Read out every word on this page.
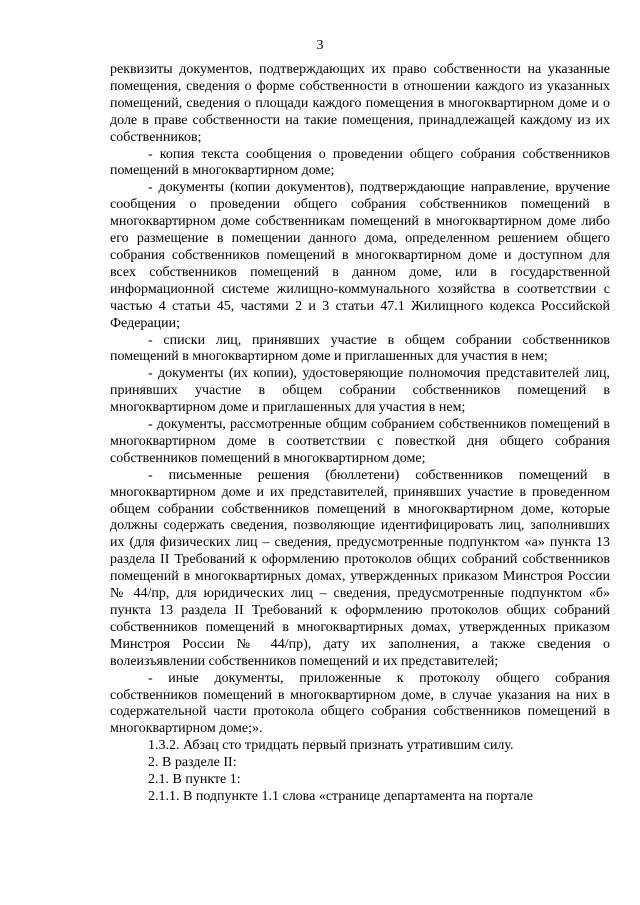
3

реквизиты документов, подтверждающих их право собственности на указанные помещения, сведения о форме собственности в отношении каждого из указанных помещений, сведения о площади каждого помещения в многоквартирном доме и о доле в праве собственности на такие помещения, принадлежащей каждому из их собственников;

- копия текста сообщения о проведении общего собрания собственников помещений в многоквартирном доме;

- документы (копии документов), подтверждающие направление, вручение сообщения о проведении общего собрания собственников помещений в многоквартирном доме собственникам помещений в многоквартирном доме либо его размещение в помещении данного дома, определенном решением общего собрания собственников помещений в многоквартирном доме и доступном для всех собственников помещений в данном доме, или в государственной информационной системе жилищно-коммунального хозяйства в соответствии с частью 4 статьи 45, частями 2 и 3 статьи 47.1 Жилищного кодекса Российской Федерации;

- списки лиц, принявших участие в общем собрании собственников помещений в многоквартирном доме и приглашенных для участия в нем;

- документы (их копии), удостоверяющие полномочия представителей лиц, принявших участие в общем собрании собственников помещений в многоквартирном доме и приглашенных для участия в нем;

- документы, рассмотренные общим собранием собственников помещений в многоквартирном доме в соответствии с повесткой дня общего собрания собственников помещений в многоквартирном доме;

- письменные решения (бюллетени) собственников помещений в многоквартирном доме и их представителей, принявших участие в проведенном общем собрании собственников помещений в многоквартирном доме, которые должны содержать сведения, позволяющие идентифицировать лиц, заполнивших их (для физических лиц – сведения, предусмотренные подпунктом «а» пункта 13 раздела II Требований к оформлению протоколов общих собраний собственников помещений в многоквартирных домах, утвержденных приказом Минстроя России № 44/пр, для юридических лиц – сведения, предусмотренные подпунктом «б» пункта 13 раздела II Требований к оформлению протоколов общих собраний собственников помещений в многоквартирных домах, утвержденных приказом Минстроя России № 44/пр), дату их заполнения, а также сведения о волеизъявлении собственников помещений и их представителей;

- иные документы, приложенные к протоколу общего собрания собственников помещений в многоквартирном доме, в случае указания на них в содержательной части протокола общего собрания собственников помещений в многоквартирном доме;».

1.3.2. Абзац сто тридцать первый признать утратившим силу.

2. В разделе II:

2.1. В пункте 1:

2.1.1. В подпункте 1.1 слова «странице департамента на портале
